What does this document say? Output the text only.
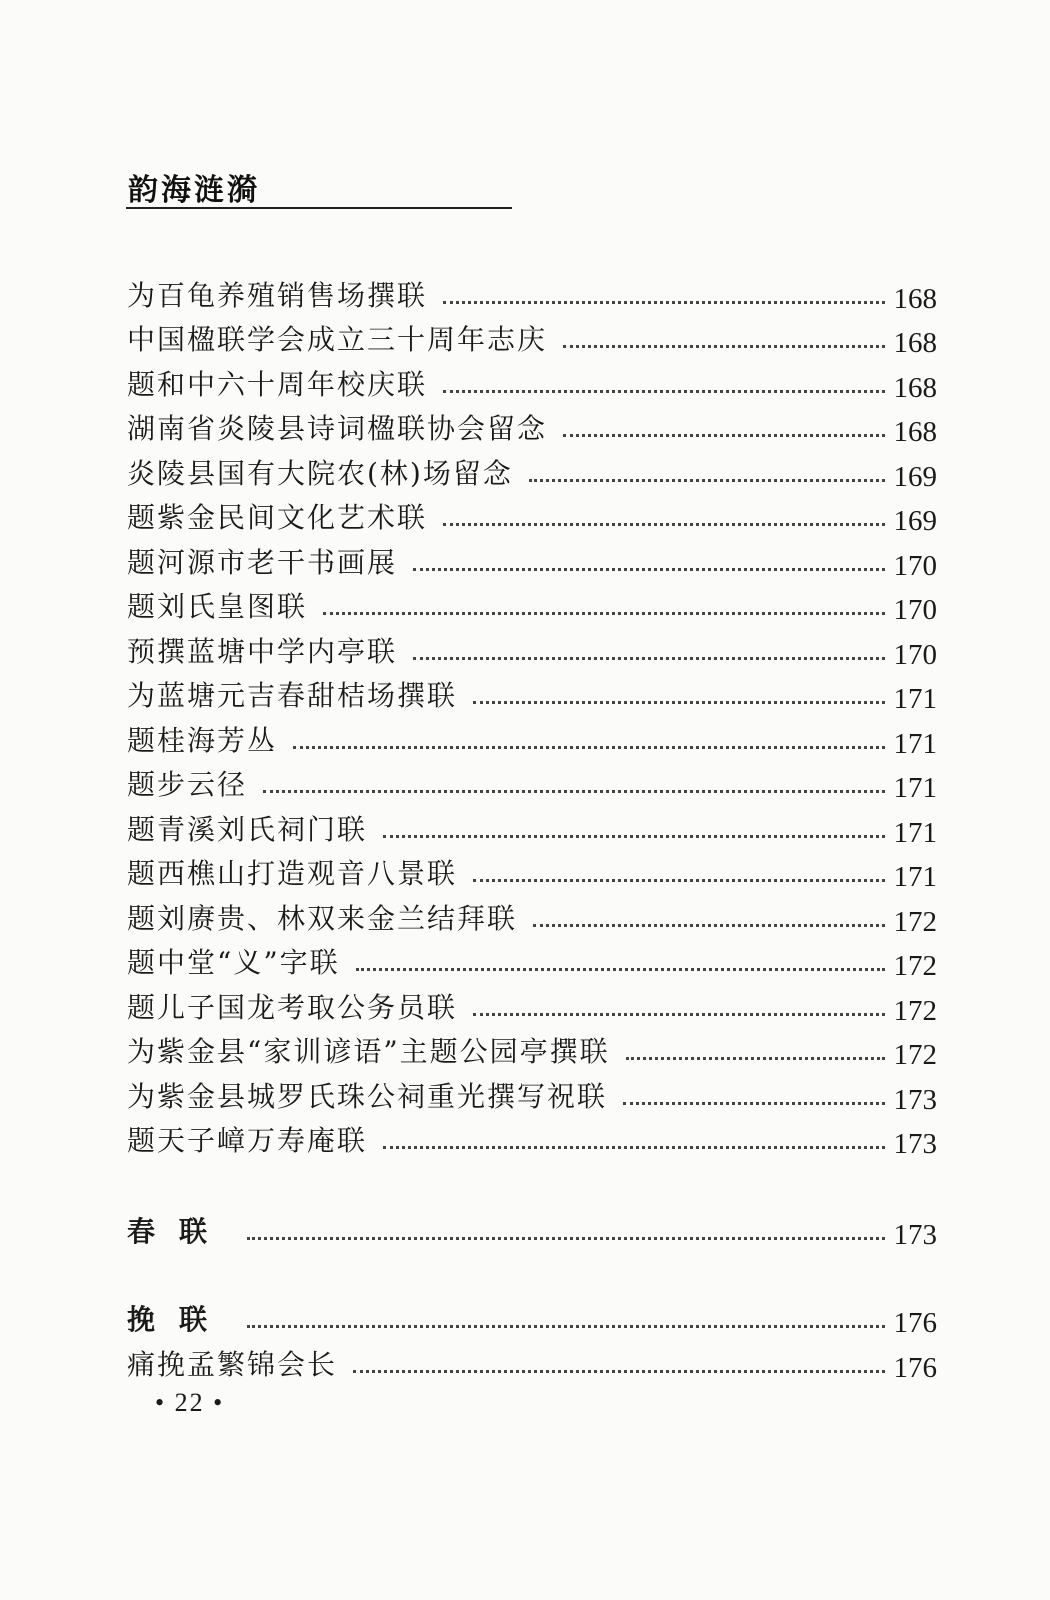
韵海涟漪
为百龟养殖销售场撰联	168
中国楹联学会成立三十周年志庆	168
题和中六十周年校庆联	168
湖南省炎陵县诗词楹联协会留念	168
炎陵县国有大院农(林)场留念	169
题紫金民间文化艺术联	169
题河源市老干书画展	170
题刘氏皇图联	170
预撰蓝塘中学内亭联	170
为蓝塘元吉春甜桔场撰联	171
题桂海芳丛	171
题步云径	171
题青溪刘氏祠门联	171
题西樵山打造观音八景联	171
题刘赓贵、林双来金兰结拜联	172
题中堂“义”字联	172
题儿子国龙考取公务员联	172
为紫金县“家训谚语”主题公园亭撰联	172
为紫金县城罗氏珠公祠重光撰写祝联	173
题天子嶂万寿庵联	173
春联	173
挽联	176
痛挽孟繁锦会长	176
• 22 •
